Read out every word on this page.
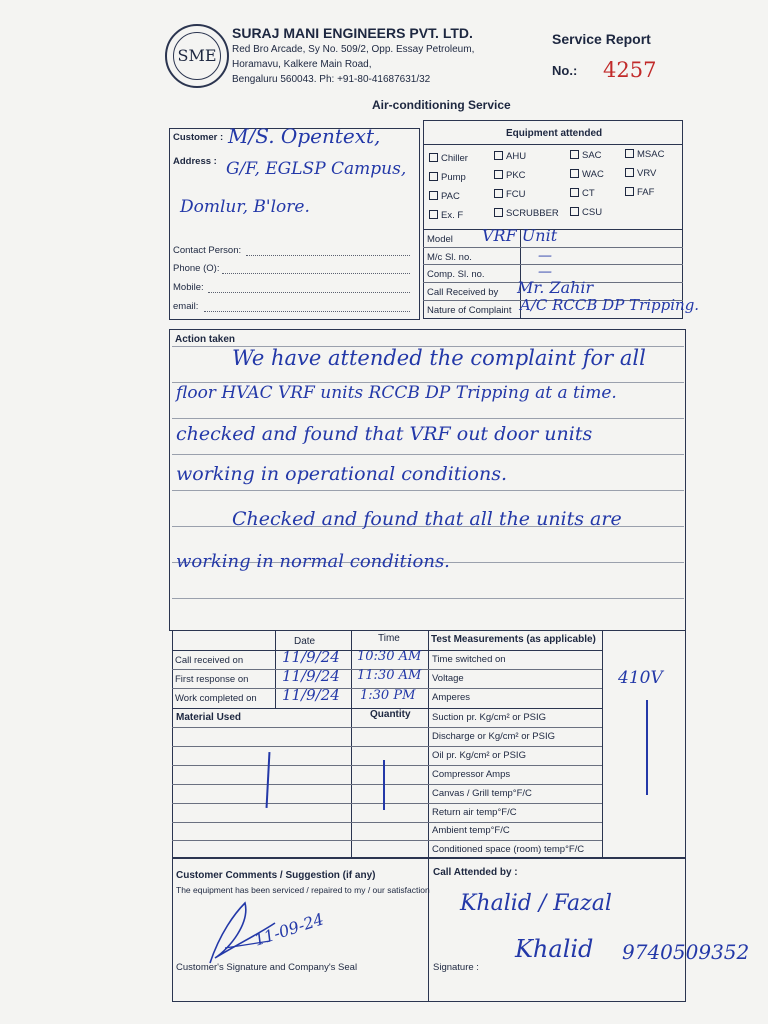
SME
SURAJ MANI ENGINEERS PVT. LTD.
Red Bro Arcade, Sy No. 509/2, Opp. Essay Petroleum,
Horamavu, Kalkere Main Road,
Bengaluru 560043. Ph: +91-80-41687631/32
Service Report
No.: 4257
Air-conditioning Service
Customer : M/S. Opentext,
Address : G/F, EGLSP Campus,
Domlur, B'lore.
Contact Person:
Phone (O):
Mobile:
email:
Equipment attended
Chiller
Pump
PAC
Ex. F
AHU
PKC
FCU
SCRUBBER
SAC
WAC
CT
CSU
MSAC
VRV
FAF
Model VRF Unit
M/c Sl. no.	—
Comp. Sl. no.	—
Call Received by Mr. Zahir
Nature of Complaint A/C RCCB DP Tripping.
Action taken
We have attended the complaint for all
floor HVAC VRF units RCCB DP Tripping at a time.
checked and found that VRF out door units
working in operational conditions.
Checked and found that all the units are
working in normal conditions.
Date	Time
Call received on	11/9/24 10:30 AM
First response on 11/9/24 11:30 AM
Work completed on 11/9/24 1:30 PM
Material Used	Quantity
Test Measurements (as applicable)
Time switched on
Voltage	410V
Amperes
Suction pr. Kg/cm² or PSIG
Discharge or Kg/cm² or PSIG
Oil pr. Kg/cm² or PSIG
Compressor Amps
Canvas / Grill temp°F/C
Return air temp°F/C
Ambient temp°F/C
Conditioned space (room) temp°F/C
Customer Comments / Suggestion (if any)
The equipment has been serviced / repaired to my / our satisfaction
11-09-24
Customer's Signature and Company's Seal
Call Attended by :
Khalid / Fazal
Signature :
Khalid 9740509352
